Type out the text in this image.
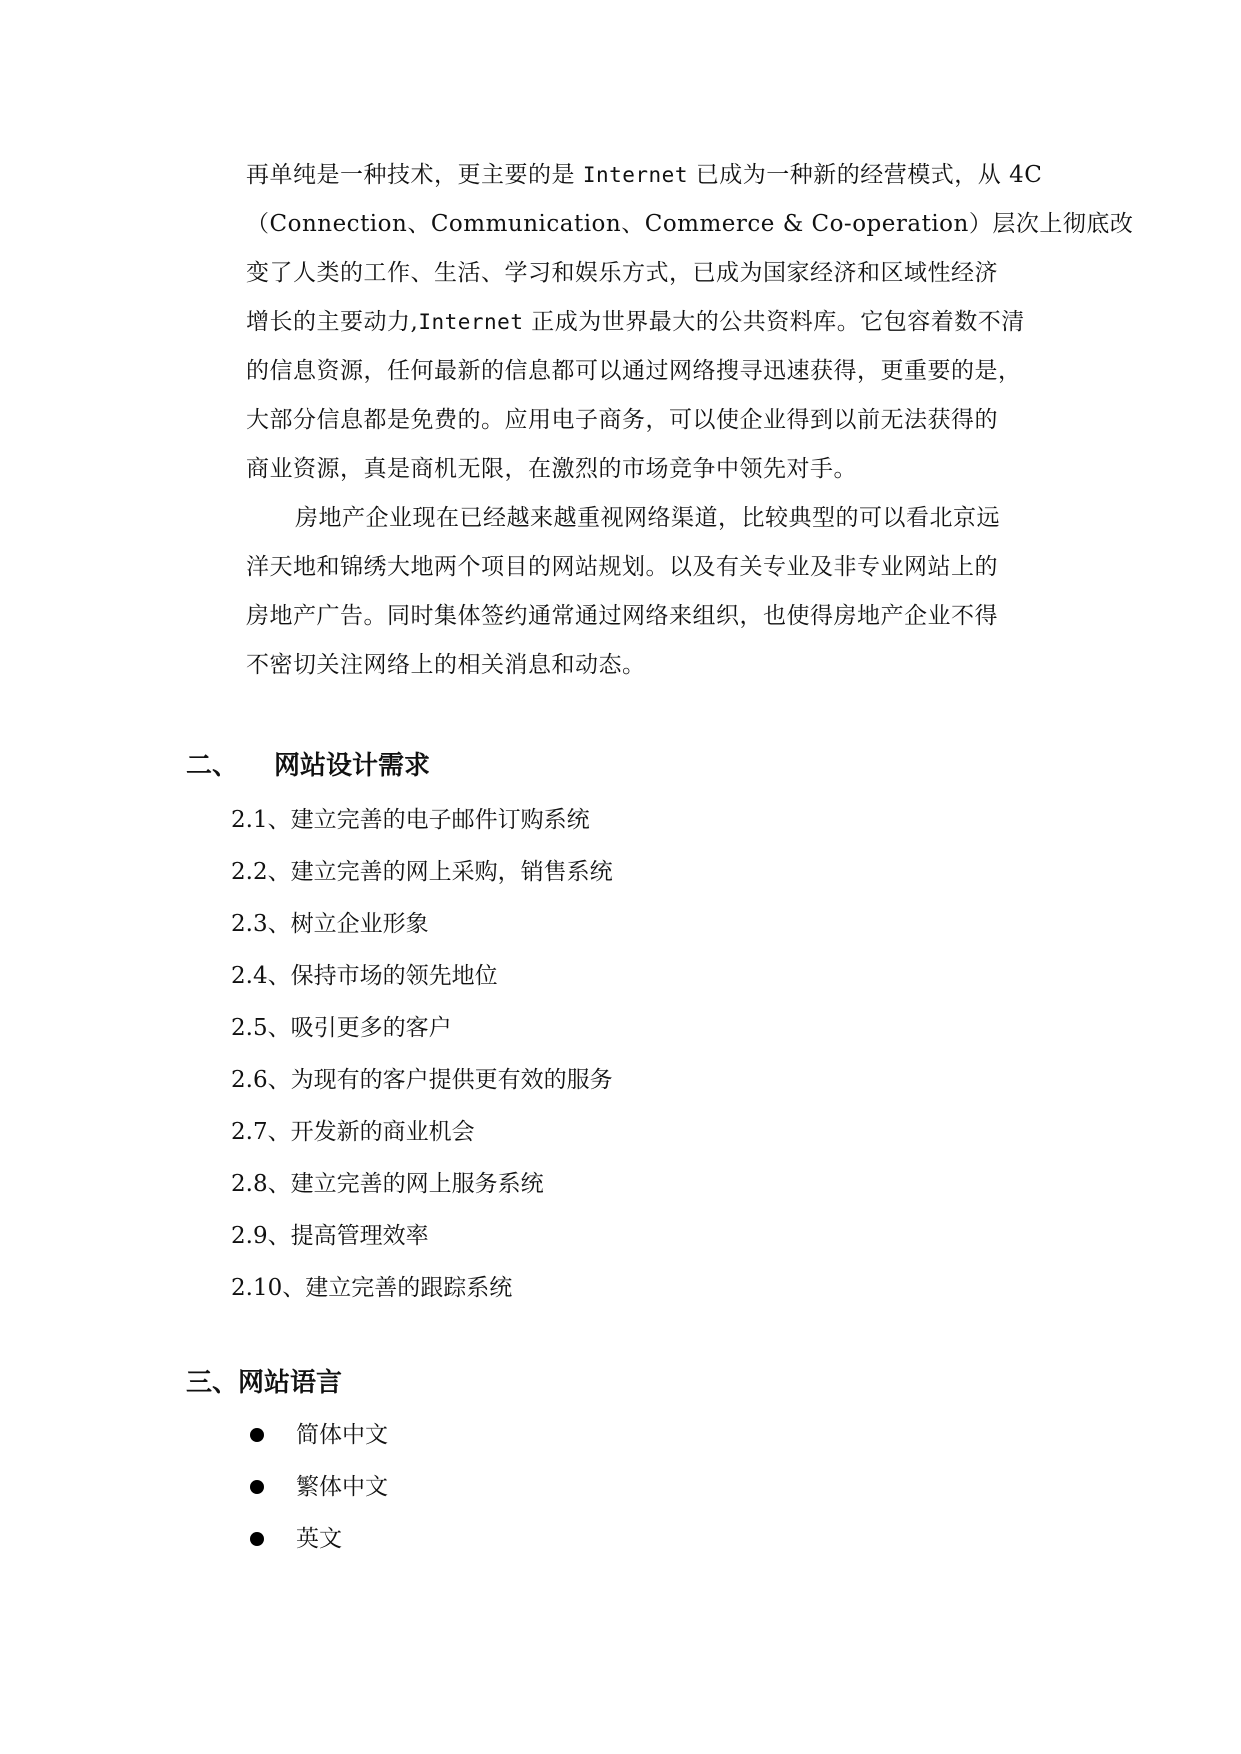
再单纯是一种技术，更主要的是 Internet 已成为一种新的经营模式，从 4C
（Connection、Communication、Commerce & Co-operation）层次上彻底改
变了人类的工作、生活、学习和娱乐方式，已成为国家经济和区域性经济
增长的主要动力,Internet 正成为世界最大的公共资料库。它包容着数不清
的信息资源，任何最新的信息都可以通过网络搜寻迅速获得，更重要的是，
大部分信息都是免费的。应用电子商务，可以使企业得到以前无法获得的
商业资源，真是商机无限，在激烈的市场竞争中领先对手。
房地产企业现在已经越来越重视网络渠道，比较典型的可以看北京远
洋天地和锦绣大地两个项目的网站规划。以及有关专业及非专业网站上的
房地产广告。同时集体签约通常通过网络来组织，也使得房地产企业不得
不密切关注网络上的相关消息和动态。
二、 网站设计需求
2.1、建立完善的电子邮件订购系统
2.2、建立完善的网上采购，销售系统
2.3、树立企业形象
2.4、保持市场的领先地位
2.5、吸引更多的客户
2.6、为现有的客户提供更有效的服务
2.7、开发新的商业机会
2.8、建立完善的网上服务系统
2.9、提高管理效率
2.10、建立完善的跟踪系统
三、网站语言
简体中文
繁体中文
英文
